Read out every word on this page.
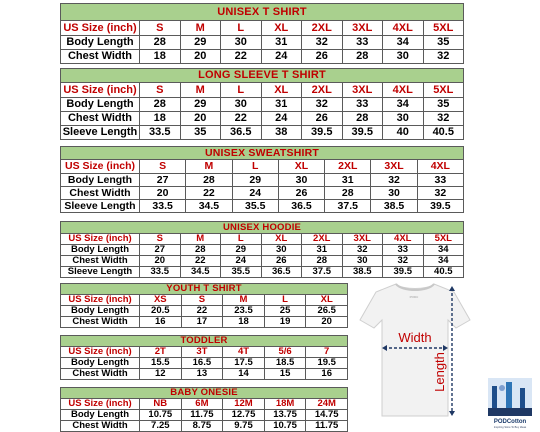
UNISEX T SHIRT								
US Size (inch)	S	M	L	XL	2XL	3XL	4XL	5XL
Body Length	28	29	30	31	32	33	34	35
Chest Width	18	20	22	24	26	28	30	32
LONG SLEEVE T SHIRT								
US Size (inch)	S	M	L	XL	2XL	3XL	4XL	5XL
Body Length	28	29	30	31	32	33	34	35
Chest Width	18	20	22	24	26	28	30	32
Sleeve Length	33.5	35	36.5	38	39.5	39.5	40	40.5
UNISEX SWEATSHIRT							
US Size (inch)	S	M	L	XL	2XL	3XL	4XL
Body Length	27	28	29	30	31	32	33
Chest Width	20	22	24	26	28	30	32
Sleeve Length	33.5	34.5	35.5	36.5	37.5	38.5	39.5
UNISEX HOODIE								
US Size (inch)	S	M	L	XL	2XL	3XL	4XL	5XL
Body Length	27	28	29	30	31	32	33	34
Chest Width	20	22	24	26	28	30	32	34
Sleeve Length	33.5	34.5	35.5	36.5	37.5	38.5	39.5	40.5
YOUTH T SHIRT					
US Size (inch)	XS	S	M	L	XL
Body Length	20.5	22	23.5	25	26.5
Chest Width	16	17	18	19	20
TODDLER					
US Size (inch)	2T	3T	4T	5/6	7
Body Length	15.5	16.5	17.5	18.5	19.5
Chest Width	12	13	14	15	16
BABY ONESIE					
US Size (inch)	NB	6M	12M	18M	24M
Body Length	10.75	11.75	12.75	13.75	14.75
Chest Width	7.25	8.75	9.75	10.75	11.75
PODC
Width
Length
PODCotton
Inspiring Store To Buy Ideas
